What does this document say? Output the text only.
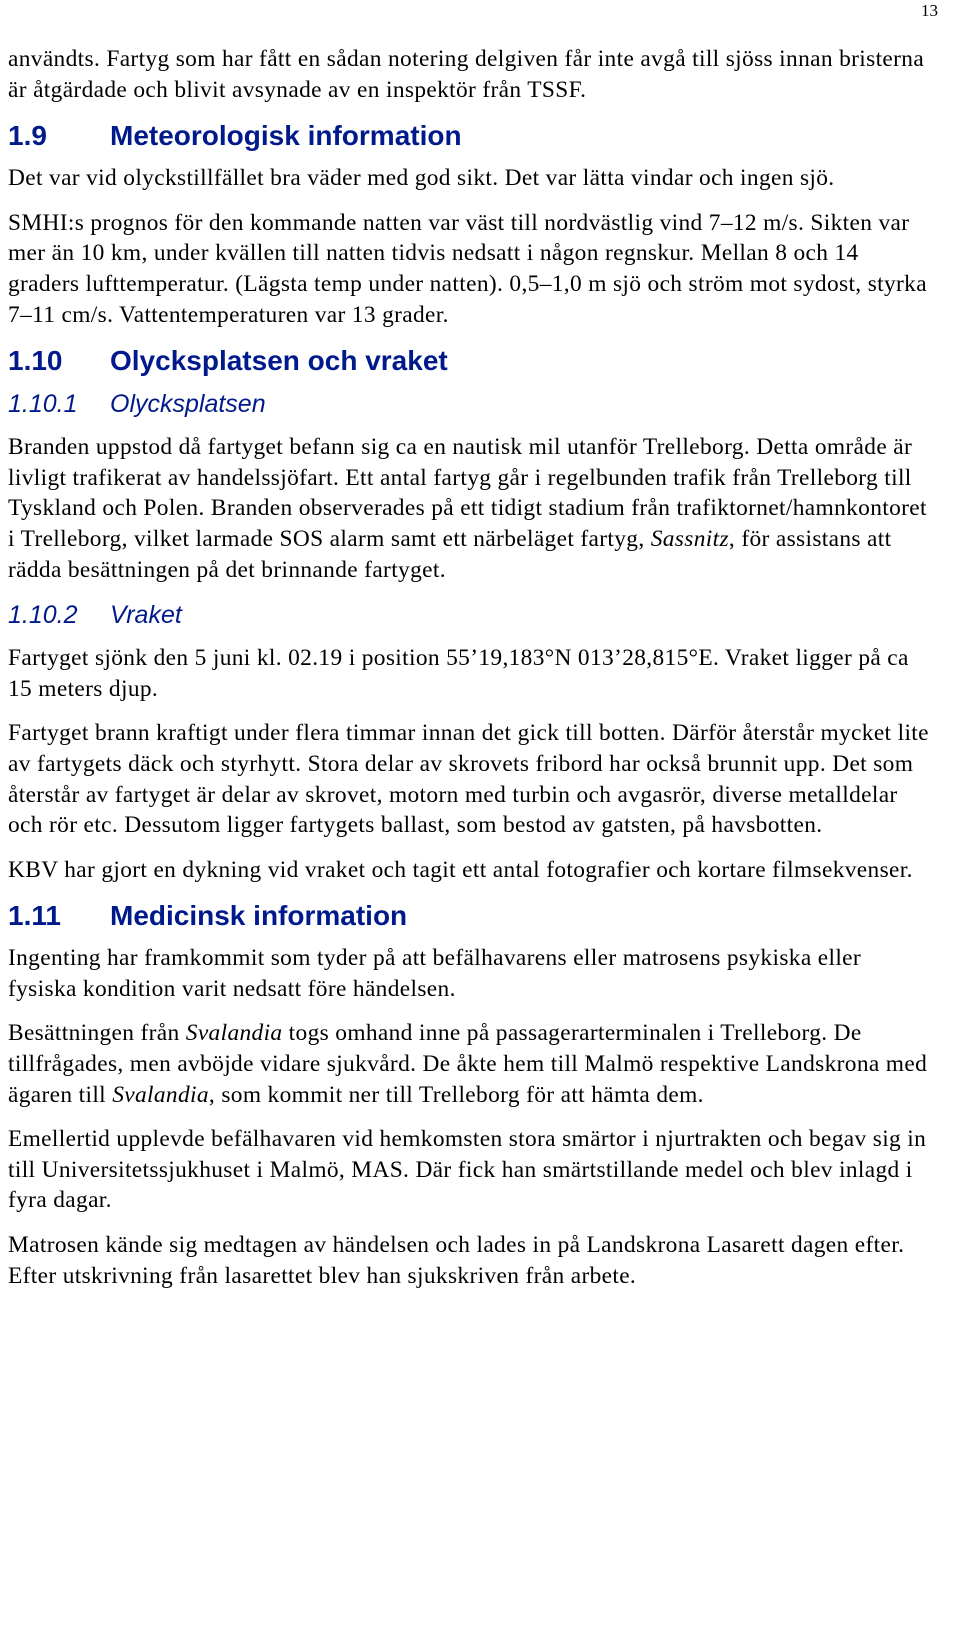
13

användts. Fartyg som har fått en sådan notering delgiven får inte avgå till sjöss innan bristerna är åtgärdade och blivit avsynade av en inspektör från TSSF.

1.9	Meteorologisk information

Det var vid olyckstillfället bra väder med god sikt. Det var lätta vindar och ingen sjö.

SMHI:s prognos för den kommande natten var väst till nordvästlig vind 7–12 m/s. Sikten var mer än 10 km, under kvällen till natten tidvis nedsatt i någon regnskur. Mellan 8 och 14 graders lufttemperatur. (Lägsta temp under natten). 0,5–1,0 m sjö och ström mot sydost, styrka 7–11 cm/s. Vattentemperaturen var 13 grader.

1.10	Olycksplatsen och vraket
1.10.1	Olycksplatsen

Branden uppstod då fartyget befann sig ca en nautisk mil utanför Trelleborg. Detta område är livligt trafikerat av handelssjöfart. Ett antal fartyg går i regelbunden trafik från Trelleborg till Tyskland och Polen. Branden observerades på ett tidigt stadium från trafiktornet/hamnkontoret i Trelleborg, vilket larmade SOS alarm samt ett närbeläget fartyg, Sassnitz, för assistans att rädda besättningen på det brinnande fartyget.

1.10.2	Vraket

Fartyget sjönk den 5 juni kl. 02.19 i position 55’19,183°N 013’28,815°E. Vraket ligger på ca 15 meters djup.

Fartyget brann kraftigt under flera timmar innan det gick till botten. Därför återstår mycket lite av fartygets däck och styrhytt. Stora delar av skrovets fribord har också brunnit upp. Det som återstår av fartyget är delar av skrovet, motorn med turbin och avgasrör, diverse metalldelar och rör etc. Dessutom ligger fartygets ballast, som bestod av gatsten, på havsbotten.

KBV har gjort en dykning vid vraket och tagit ett antal fotografier och kortare filmsekvenser.

1.11	Medicinsk information

Ingenting har framkommit som tyder på att befälhavarens eller matrosens psykiska eller fysiska kondition varit nedsatt före händelsen.

Besättningen från Svalandia togs omhand inne på passagerarterminalen i Trelleborg. De tillfrågades, men avböjde vidare sjukvård. De åkte hem till Malmö respektive Landskrona med ägaren till Svalandia, som kommit ner till Trelleborg för att hämta dem.

Emellertid upplevde befälhavaren vid hemkomsten stora smärtor i njurtrakten och begav sig in till Universitetssjukhuset i Malmö, MAS. Där fick han smärtstillande medel och blev inlagd i fyra dagar.

Matrosen kände sig medtagen av händelsen och lades in på Landskrona Lasarett dagen efter. Efter utskrivning från lasarettet blev han sjukskriven från arbete.
